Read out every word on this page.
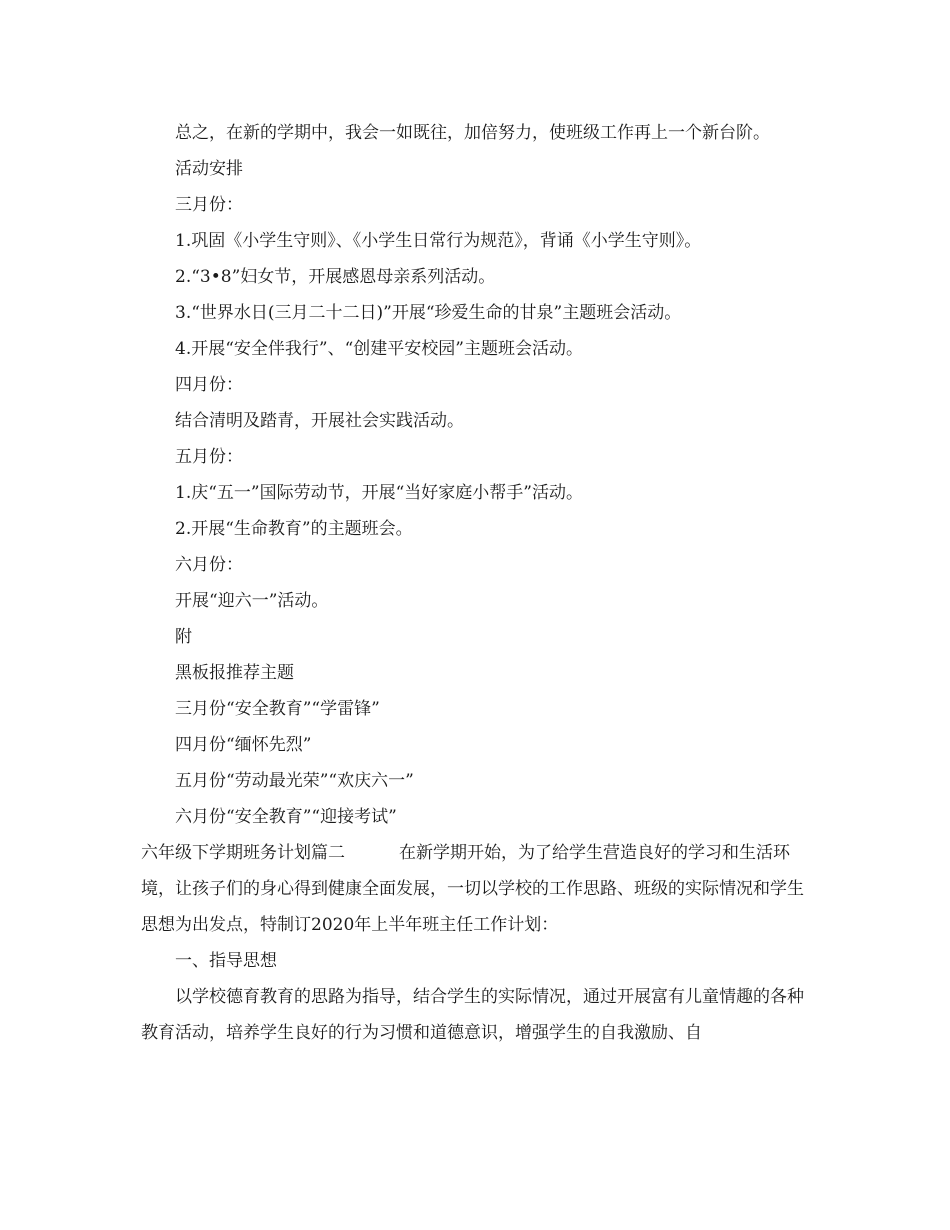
总之，在新的学期中，我会一如既往，加倍努力，使班级工作再上一个新台阶。

活动安排

三月份：

1.巩固《小学生守则》、《小学生日常行为规范》，背诵《小学生守则》。

2.“3•8”妇女节，开展感恩母亲系列活动。

3.“世界水日(三月二十二日)”开展“珍爱生命的甘泉”主题班会活动。

4.开展“安全伴我行”、“创建平安校园”主题班会活动。

四月份：

结合清明及踏青，开展社会实践活动。

五月份：

1.庆“五一”国际劳动节，开展“当好家庭小帮手”活动。

2.开展“生命教育”的主题班会。

六月份：

开展“迎六一”活动。

附

黑板报推荐主题

三月份“安全教育”“学雷锋”

四月份“缅怀先烈”

五月份“劳动最光荣”“欢庆六一”

六月份“安全教育”“迎接考试”

六年级下学期班务计划篇二	在新学期开始，为了给学生营造良好的学习和生活环境，让孩子们的身心得到健康全面发展，一切以学校的工作思路、班级的实际情况和学生思想为出发点，特制订2020年上半年班主任工作计划：

一、指导思想

以学校德育教育的思路为指导，结合学生的实际情况，通过开展富有儿童情趣的各种教育活动，培养学生良好的行为习惯和道德意识，增强学生的自我激励、自
